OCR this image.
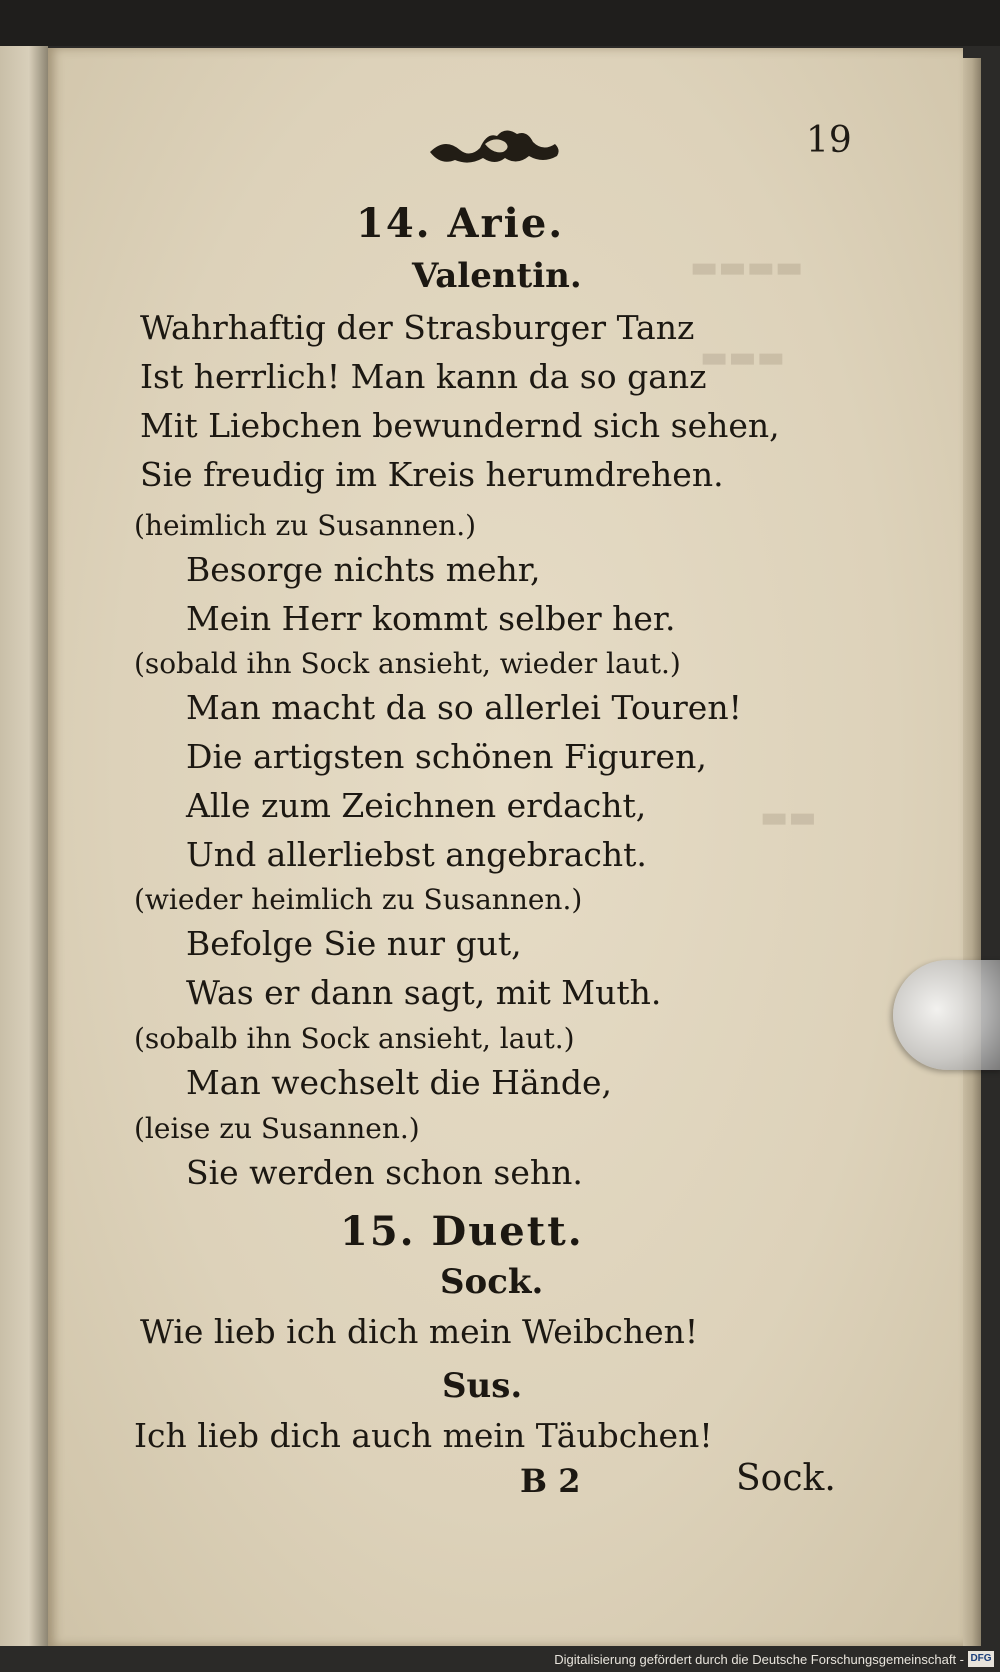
▬▬▬▬
▬▬▬
▬▬
19
14. Arie.
Valentin.
Wahrhaftig der Strasburger Tanz
Ist herrlich! Man kann da so ganz
Mit Liebchen bewundernd sich sehen,
Sie freudig im Kreis herumdrehen.
(heimlich zu Susannen.)
Besorge nichts mehr,
Mein Herr kommt selber her.
(sobald ihn Sock ansieht, wieder laut.)
Man macht da so allerlei Touren!
Die artigsten schönen Figuren,
Alle zum Zeichnen erdacht,
Und allerliebst angebracht.
(wieder heimlich zu Susannen.)
Befolge Sie nur gut,
Was er dann sagt, mit Muth.
(sobalb ihn Sock ansieht, laut.)
Man wechselt die Hände,
(leise zu Susannen.)
Sie werden schon sehn.
15. Duett.
Sock.
Wie lieb ich dich mein Weibchen!
Sus.
Ich lieb dich auch mein Täubchen!
B 2	Sock.
Digitalisierung gefördert durch die Deutsche Forschungsgemeinschaft - DFG
